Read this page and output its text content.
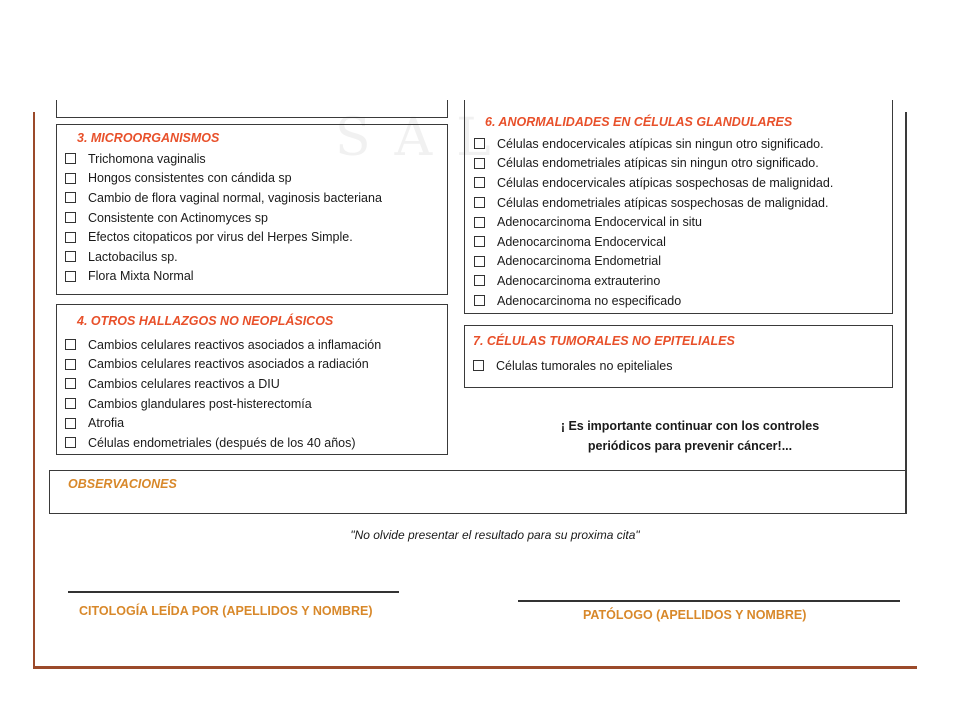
SAL
3. MICROORGANISMOS
Trichomona vaginalis
Hongos consistentes con cándida sp
Cambio de flora vaginal normal, vaginosis bacteriana
Consistente con Actinomyces sp
Efectos citopaticos por virus del Herpes Simple.
Lactobacilus sp.
Flora Mixta Normal
4. OTROS HALLAZGOS NO NEOPLÁSICOS
Cambios celulares reactivos asociados a inflamación
Cambios celulares reactivos asociados a radiación
Cambios celulares reactivos a DIU
Cambios glandulares post-histerectomía
Atrofia
Células endometriales (después de los 40 años)
6. ANORMALIDADES EN CÉLULAS GLANDULARES
Células endocervicales atípicas sin ningun otro significado.
Células endometriales atípicas sin ningun otro significado.
Células endocervicales atípicas sospechosas de malignidad.
Células endometriales atípicas sospechosas de malignidad.
Adenocarcinoma Endocervical in situ
Adenocarcinoma Endocervical
Adenocarcinoma Endometrial
Adenocarcinoma extrauterino
Adenocarcinoma no especificado
7. CÉLULAS TUMORALES NO EPITELIALES
Células tumorales no epiteliales
¡ Es importante continuar con los controles
periódicos para prevenir cáncer!...
OBSERVACIONES
"No olvide presentar el resultado para su proxima cita"
CITOLOGÍA LEÍDA POR (APELLIDOS Y NOMBRE)	PATÓLOGO (APELLIDOS Y NOMBRE)
